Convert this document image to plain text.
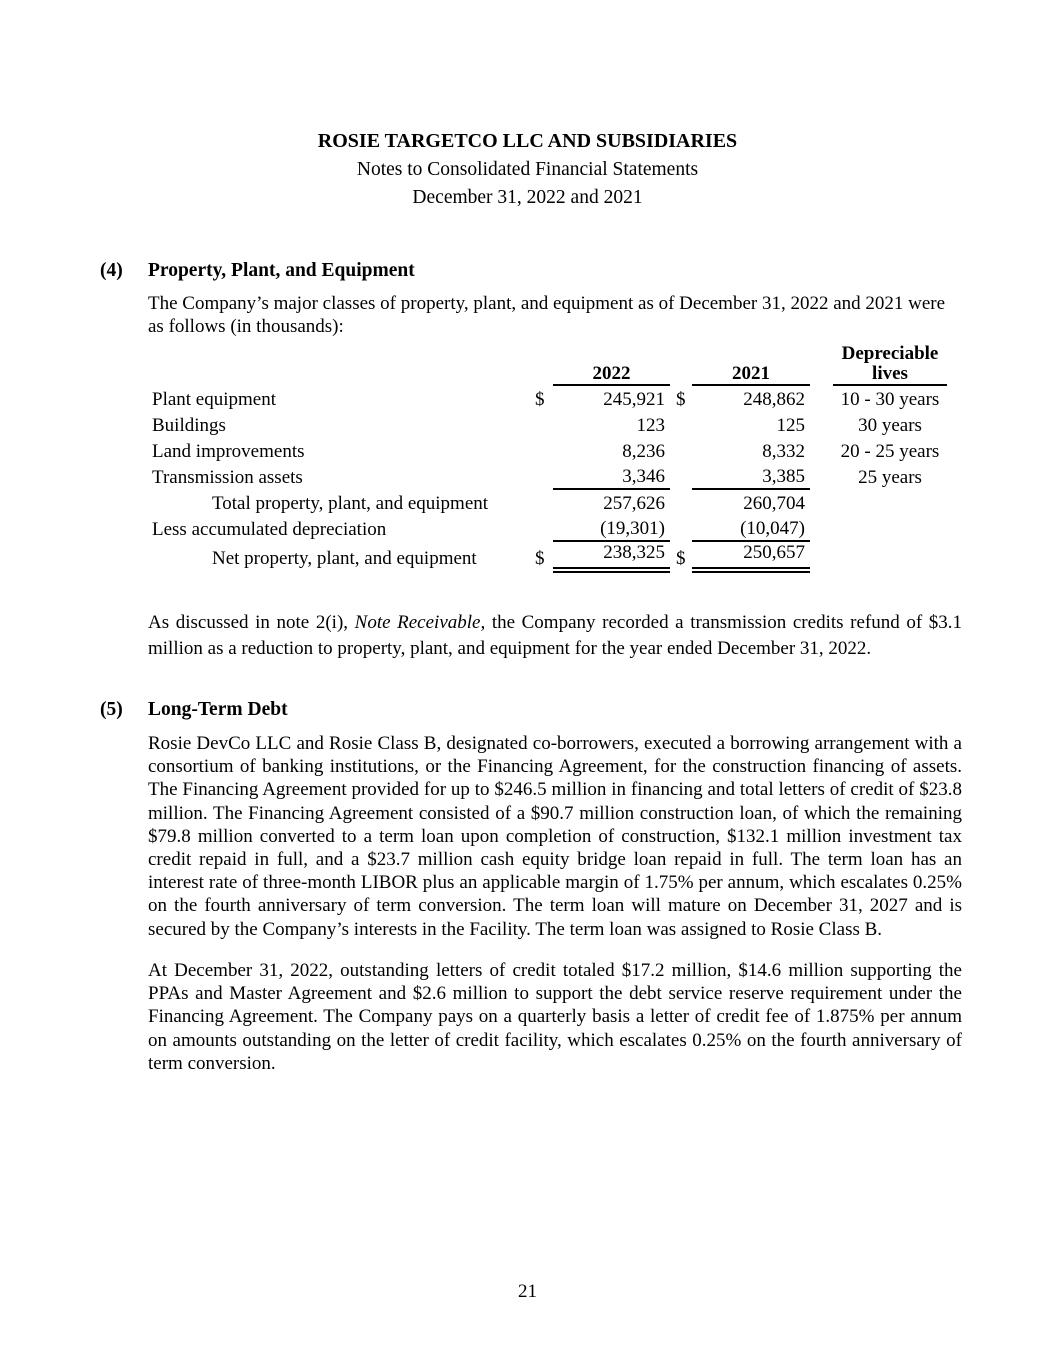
ROSIE TARGETCO LLC AND SUBSIDIARIES
Notes to Consolidated Financial Statements
December 31, 2022 and 2021
(4)	Property, Plant, and Equipment

The Company’s major classes of property, plant, and equipment as of December 31, 2022 and 2021 were as follows (in thousands):

		2022			2021		Depreciable
lives
Plant equipment	$	245,921		$	248,862		10 - 30 years
Buildings		123			125		30 years
Land improvements		8,236			8,332		20 - 25 years
Transmission assets		3,346			3,385		25 years
Total property, plant, and equipment		257,626			260,704		
Less accumulated depreciation		(19,301)			(10,047)		
Net property, plant, and equipment	$	238,325		$	250,657		

As discussed in note 2(i), Note Receivable, the Company recorded a transmission credits refund of $3.1 million as a reduction to property, plant, and equipment for the year ended December 31, 2022.

(5)	Long-Term Debt

Rosie DevCo LLC and Rosie Class B, designated co-borrowers, executed a borrowing arrangement with a consortium of banking institutions, or the Financing Agreement, for the construction financing of assets. The Financing Agreement provided for up to $246.5 million in financing and total letters of credit of $23.8 million. The Financing Agreement consisted of a $90.7 million construction loan, of which the remaining $79.8 million converted to a term loan upon completion of construction, $132.1 million investment tax credit repaid in full, and a $23.7 million cash equity bridge loan repaid in full. The term loan has an interest rate of three-month LIBOR plus an applicable margin of 1.75% per annum, which escalates 0.25% on the fourth anniversary of term conversion. The term loan will mature on December 31, 2027 and is secured by the Company’s interests in the Facility. The term loan was assigned to Rosie Class B.

At December 31, 2022, outstanding letters of credit totaled $17.2 million, $14.6 million supporting the PPAs and Master Agreement and $2.6 million to support the debt service reserve requirement under the Financing Agreement. The Company pays on a quarterly basis a letter of credit fee of 1.875% per annum on amounts outstanding on the letter of credit facility, which escalates 0.25% on the fourth anniversary of term conversion.

21
